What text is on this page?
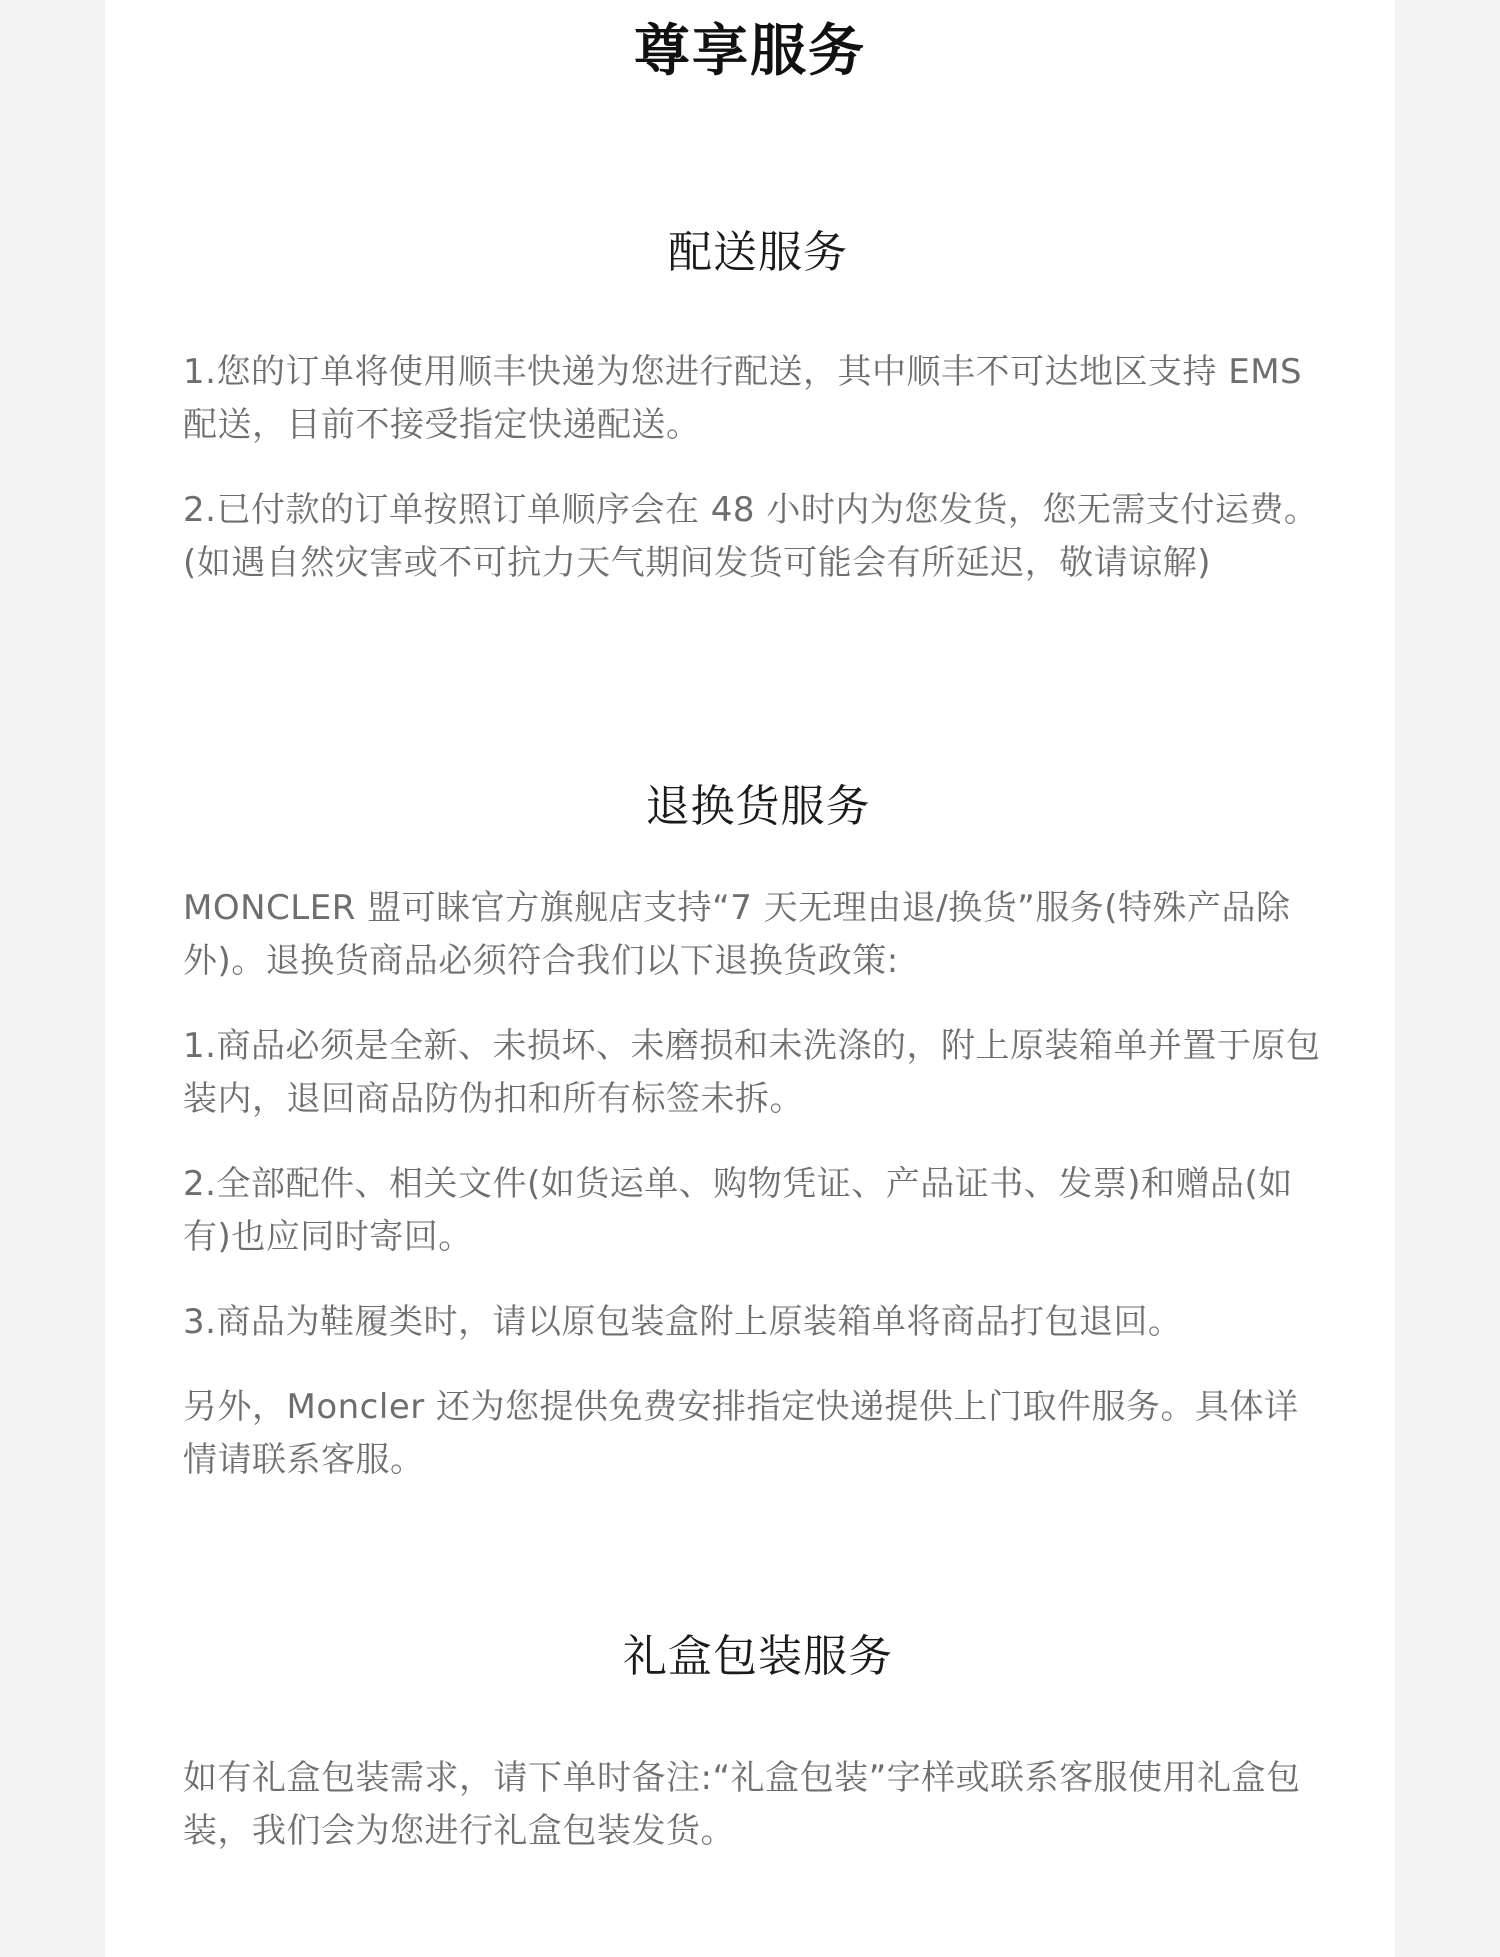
尊享服务
配送服务

1.您的订单将使用顺丰快递为您进行配送，其中顺丰不可达地区支持 EMS 配送，目前不接受指定快递配送。

2.已付款的订单按照订单顺序会在 48 小时内为您发货，您无需支付运费。(如遇自然灾害或不可抗力天气期间发货可能会有所延迟，敬请谅解)

退换货服务

MONCLER 盟可睐官方旗舰店支持“7 天无理由退/换货”服务(特殊产品除外)。退换货商品必须符合我们以下退换货政策:

1.商品必须是全新、未损坏、未磨损和未洗涤的，附上原装箱单并置于原包装内，退回商品防伪扣和所有标签未拆。

2.全部配件、相关文件(如货运单、购物凭证、产品证书、发票)和赠品(如有)也应同时寄回。

3.商品为鞋履类时，请以原包装盒附上原装箱单将商品打包退回。

另外，Moncler 还为您提供免费安排指定快递提供上门取件服务。具体详情请联系客服。

礼盒包装服务

如有礼盒包装需求，请下单时备注:“礼盒包装”字样或联系客服使用礼盒包装，我们会为您进行礼盒包装发货。
